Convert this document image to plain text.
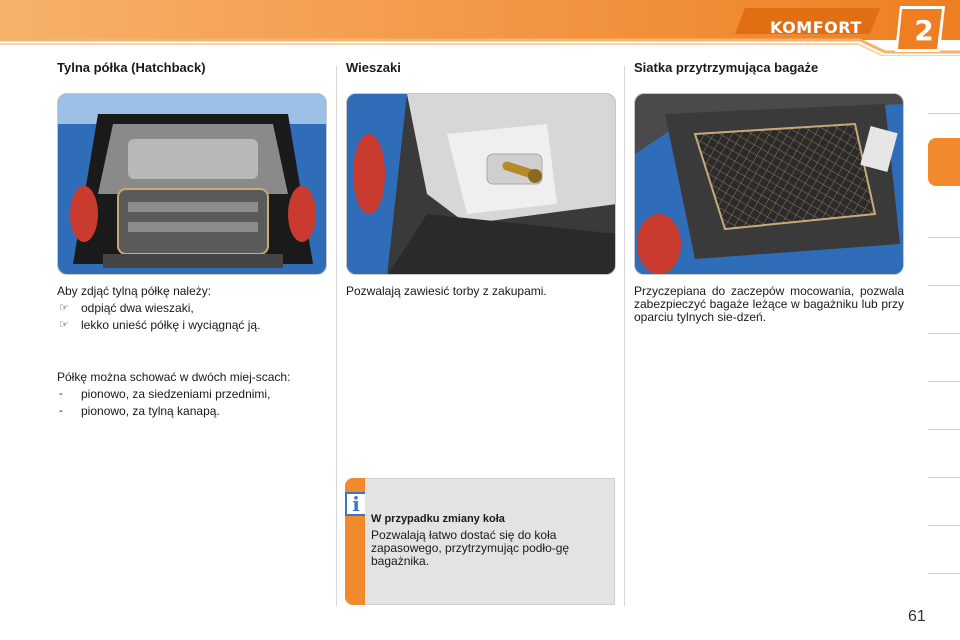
KOMFORT 2
Tylna półka (Hatchback)

Aby zdjąć tylną półkę należy:

☞	odpiąć dwa wieszaki,
☞	lekko unieść półkę i wyciągnąć ją.

Półkę można schować w dwóch miej-scach:

-	pionowo, za siedzeniami przednimi,
-	pionowo, za tylną kanapą.
Wieszaki

Pozwalają zawiesić torby z zakupami.

Siatka przytrzymująca bagaże

Przyczepiana do zaczepów mocowania, pozwala zabezpieczyć bagaże leżące w bagażniku lub przy oparciu tylnych sie-dzeń.

i
W przypadku zmiany koła
Pozwalają łatwo dostać się do koła zapasowego, przytrzymując podło-gę bagażnika.
61
